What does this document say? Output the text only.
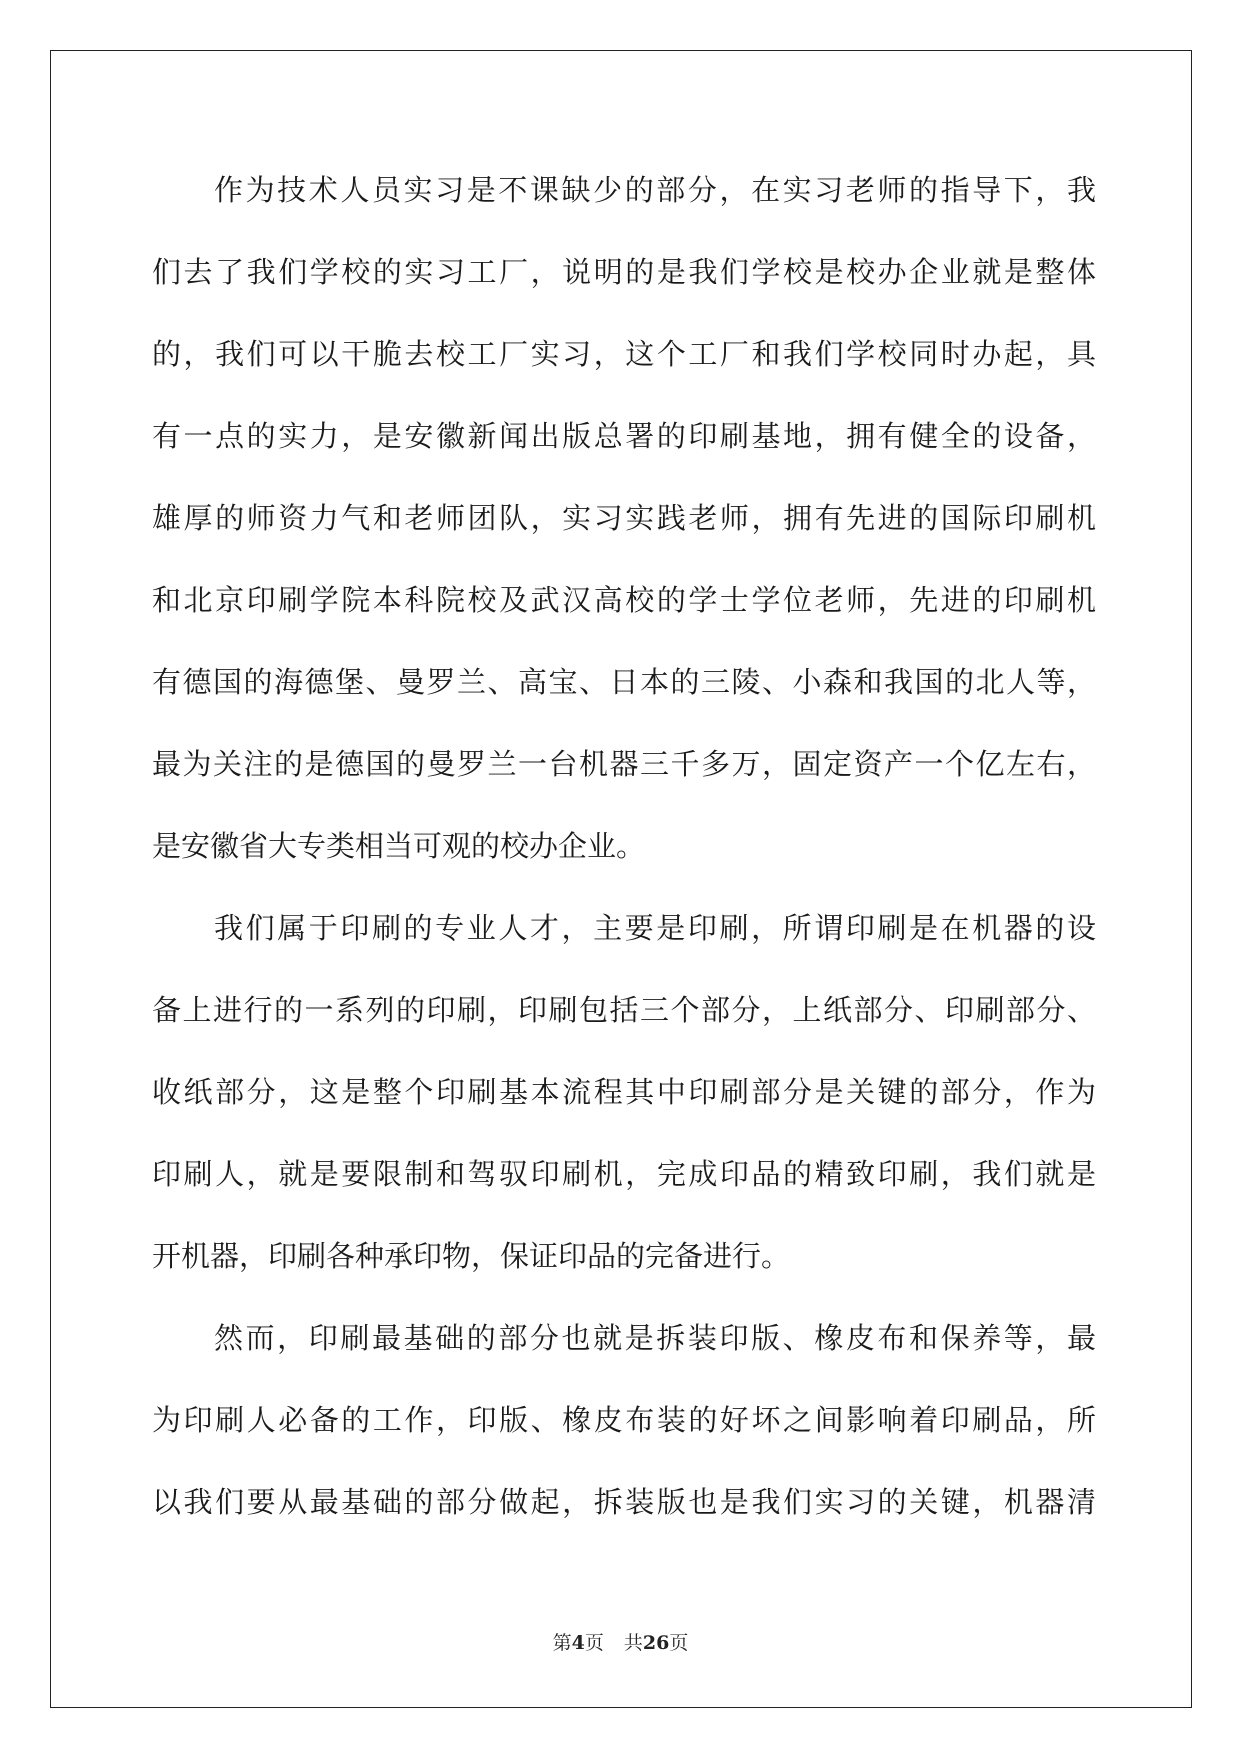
作为技术人员实习是不课缺少的部分，在实习老师的指导下，我
们去了我们学校的实习工厂，说明的是我们学校是校办企业就是整体
的，我们可以干脆去校工厂实习，这个工厂和我们学校同时办起，具
有一点的实力，是安徽新闻出版总署的印刷基地，拥有健全的设备，
雄厚的师资力气和老师团队，实习实践老师，拥有先进的国际印刷机
和北京印刷学院本科院校及武汉高校的学士学位老师，先进的印刷机
有德国的海德堡、曼罗兰、高宝、日本的三陵、小森和我国的北人等，
最为关注的是德国的曼罗兰一台机器三千多万，固定资产一个亿左右，
是安徽省大专类相当可观的校办企业。
我们属于印刷的专业人才，主要是印刷，所谓印刷是在机器的设
备上进行的一系列的印刷，印刷包括三个部分，上纸部分、印刷部分、
收纸部分，这是整个印刷基本流程其中印刷部分是关键的部分，作为
印刷人，就是要限制和驾驭印刷机，完成印品的精致印刷，我们就是
开机器，印刷各种承印物，保证印品的完备进行。
然而，印刷最基础的部分也就是拆装印版、橡皮布和保养等，最
为印刷人必备的工作，印版、橡皮布装的好坏之间影响着印刷品，所
以我们要从最基础的部分做起，拆装版也是我们实习的关键，机器清
第4页 共26页
